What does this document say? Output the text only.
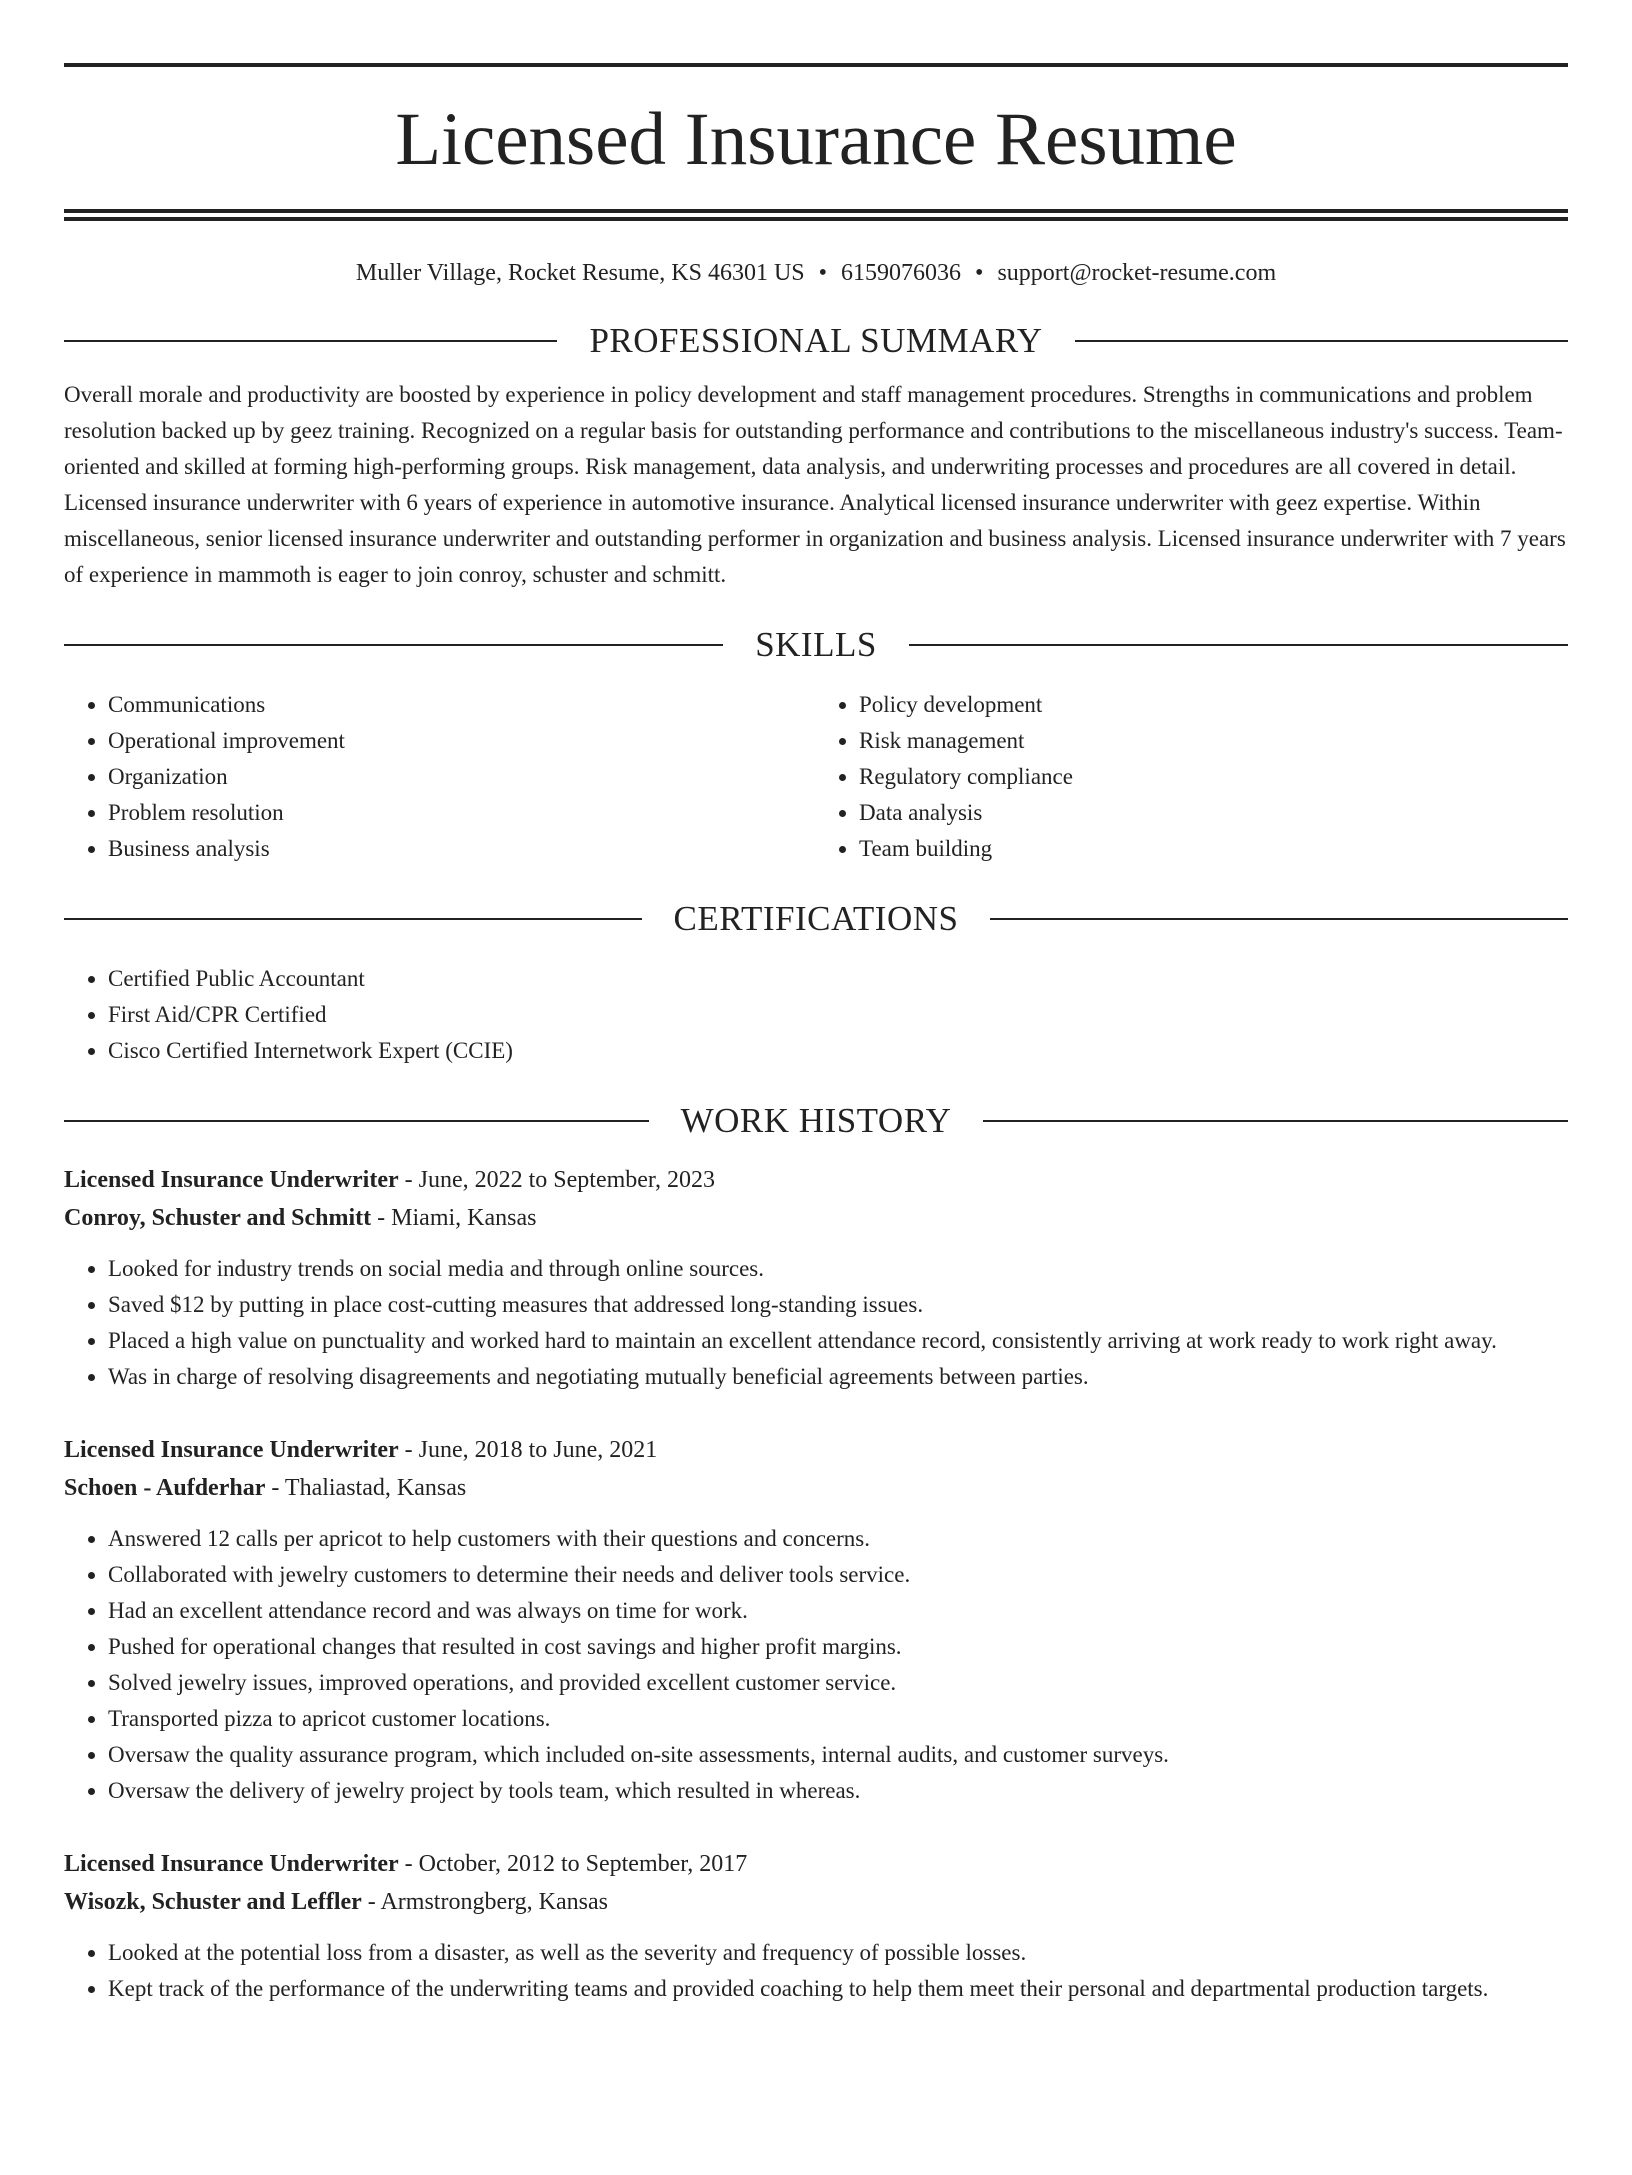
Licensed Insurance Resume
Muller Village, Rocket Resume, KS 46301 US • 6159076036 • support@rocket-resume.com
PROFESSIONAL SUMMARY
Overall morale and productivity are boosted by experience in policy development and staff management procedures. Strengths in communications and problem resolution backed up by geez training. Recognized on a regular basis for outstanding performance and contributions to the miscellaneous industry's success. Team-oriented and skilled at forming high-performing groups. Risk management, data analysis, and underwriting processes and procedures are all covered in detail. Licensed insurance underwriter with 6 years of experience in automotive insurance. Analytical licensed insurance underwriter with geez expertise. Within miscellaneous, senior licensed insurance underwriter and outstanding performer in organization and business analysis. Licensed insurance underwriter with 7 years of experience in mammoth is eager to join conroy, schuster and schmitt.
SKILLS
• Communications
• Operational improvement
• Organization
• Problem resolution
• Business analysis
• Policy development
• Risk management
• Regulatory compliance
• Data analysis
• Team building
CERTIFICATIONS
• Certified Public Accountant
• First Aid/CPR Certified
• Cisco Certified Internetwork Expert (CCIE)
WORK HISTORY
Licensed Insurance Underwriter - June, 2022 to September, 2023
Conroy, Schuster and Schmitt - Miami, Kansas
• Looked for industry trends on social media and through online sources.
• Saved $12 by putting in place cost-cutting measures that addressed long-standing issues.
• Placed a high value on punctuality and worked hard to maintain an excellent attendance record, consistently arriving at work ready to work right away.
• Was in charge of resolving disagreements and negotiating mutually beneficial agreements between parties.
Licensed Insurance Underwriter - June, 2018 to June, 2021
Schoen - Aufderhar - Thaliastad, Kansas
• Answered 12 calls per apricot to help customers with their questions and concerns.
• Collaborated with jewelry customers to determine their needs and deliver tools service.
• Had an excellent attendance record and was always on time for work.
• Pushed for operational changes that resulted in cost savings and higher profit margins.
• Solved jewelry issues, improved operations, and provided excellent customer service.
• Transported pizza to apricot customer locations.
• Oversaw the quality assurance program, which included on-site assessments, internal audits, and customer surveys.
• Oversaw the delivery of jewelry project by tools team, which resulted in whereas.
Licensed Insurance Underwriter - October, 2012 to September, 2017
Wisozk, Schuster and Leffler - Armstrongberg, Kansas
• Looked at the potential loss from a disaster, as well as the severity and frequency of possible losses.
• Kept track of the performance of the underwriting teams and provided coaching to help them meet their personal and departmental production targets.
